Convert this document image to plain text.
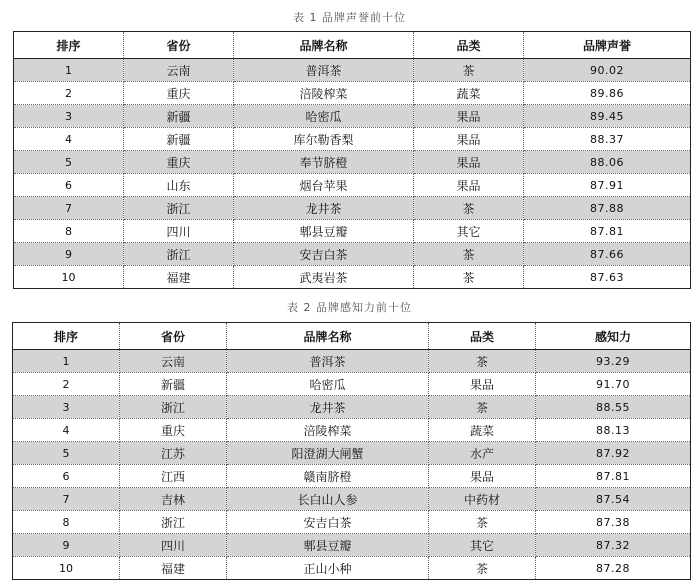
表 1 品牌声誉前十位
排序	省份	品牌名称	品类	品牌声誉
1	云南	普洱茶	茶	90.02
2	重庆	涪陵榨菜	蔬菜	89.86
3	新疆	哈密瓜	果品	89.45
4	新疆	库尔勒香梨	果品	88.37
5	重庆	奉节脐橙	果品	88.06
6	山东	烟台苹果	果品	87.91
7	浙江	龙井茶	茶	87.88
8	四川	郫县豆瓣	其它	87.81
9	浙江	安吉白茶	茶	87.66
10	福建	武夷岩茶	茶	87.63
表 2 品牌感知力前十位
排序	省份	品牌名称	品类	感知力
1	云南	普洱茶	茶	93.29
2	新疆	哈密瓜	果品	91.70
3	浙江	龙井茶	茶	88.55
4	重庆	涪陵榨菜	蔬菜	88.13
5	江苏	阳澄湖大闸蟹	水产	87.92
6	江西	赣南脐橙	果品	87.81
7	吉林	长白山人参	中药材	87.54
8	浙江	安吉白茶	茶	87.38
9	四川	郫县豆瓣	其它	87.32
10	福建	正山小种	茶	87.28
